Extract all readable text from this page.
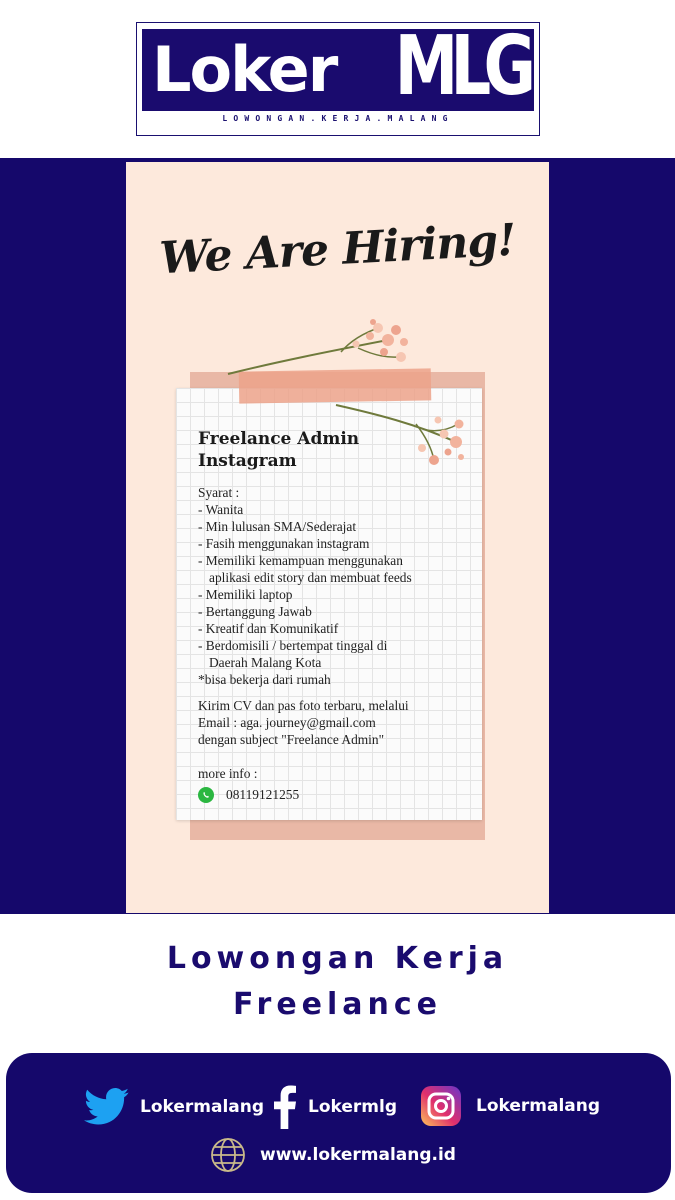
Loker MLG
LOWONGAN.KERJA.MALANG
We Are Hiring!
Freelance Admin
Instagram
Syarat :
- Wanita
- Min lulusan SMA/Sederajat
- Fasih menggunakan instagram
- Memiliki kemampuan menggunakan
aplikasi edit story dan membuat feeds
- Memiliki laptop
- Bertanggung Jawab
- Kreatif dan Komunikatif
- Berdomisili / bertempat tinggal di
Daerah Malang Kota
*bisa bekerja dari rumah
Kirim CV dan pas foto terbaru, melalui
Email : aga. journey@gmail.com
dengan subject "Freelance Admin"
more info :
08119121255
Lowongan Kerja
Freelance
Lokermalang	Lokermlg	Lokermalang
www.lokermalang.id
